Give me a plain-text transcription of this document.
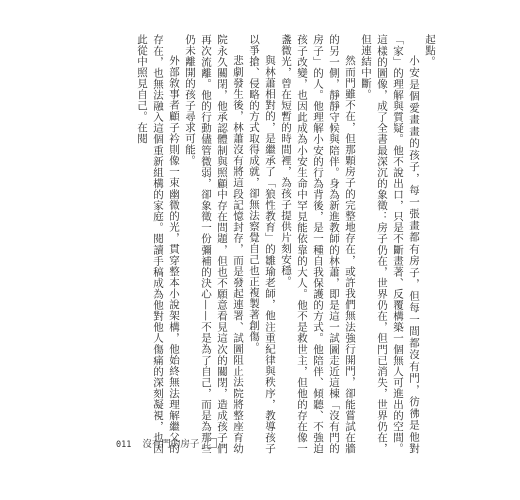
起點。

小安是個愛畫畫的孩子，每一張畫都有房子，但每一間都沒有門，彷彿是他對「家」的理解與質疑。他不說出口，只是不斷畫著、反覆構築一個無人可進出的空間。這樣的圖像，成了全書最深沉的象徵：房子仍在，世界仍在，但門已消失，世界仍在，但連結中斷。

然而門雖不在，但那顆房子的完整地存在，或許我們無法強行開門，卻能嘗試在牆的另一側，靜靜守候與陪伴。身為新進教師的林蕭，即是這一試圖走近這棟「沒有門的房子」的人。他理解小安的行為背後，是一種自我保護的方式。他陪伴、傾聽、不強迫孩子改變，也因此成為小安生命中罕見能依靠的大人。他不是救世主，但他的存在像一盞微光，曾在短暫的時間裡，為孩子提供片刻安穩。

與林蕭相對的，是繼承了「狼性教育」的雛瑜老師，他注重紀律與秩序，教導孩子以爭搶、侵略的方式取得成就，卻無法察覺自己也正複製著創傷。

悲劇發生後，林蕭沒有將這段記憶封存，而是發起連署、試圖阻止法院將整座育幼院永久關閉，他承認體制與照顧中存在問題，但也不願意看見這次的關閉，造成孩子們再次流離。他的行動儘管微弱，卻象徵一份彌補的決心——不是為了自己，而是為那些仍未離開的孩子尋求可能。

外部敘事者顧子衿則像一束幽微的光，貫穿整本小說架構，他始終無法理解繼父的存在，也無法融入這個重新組構的家庭。閱讀手稿成為他對他人傷痛的深刻凝視，也因此從中照見自己。在閱

011 沒有門的房子
